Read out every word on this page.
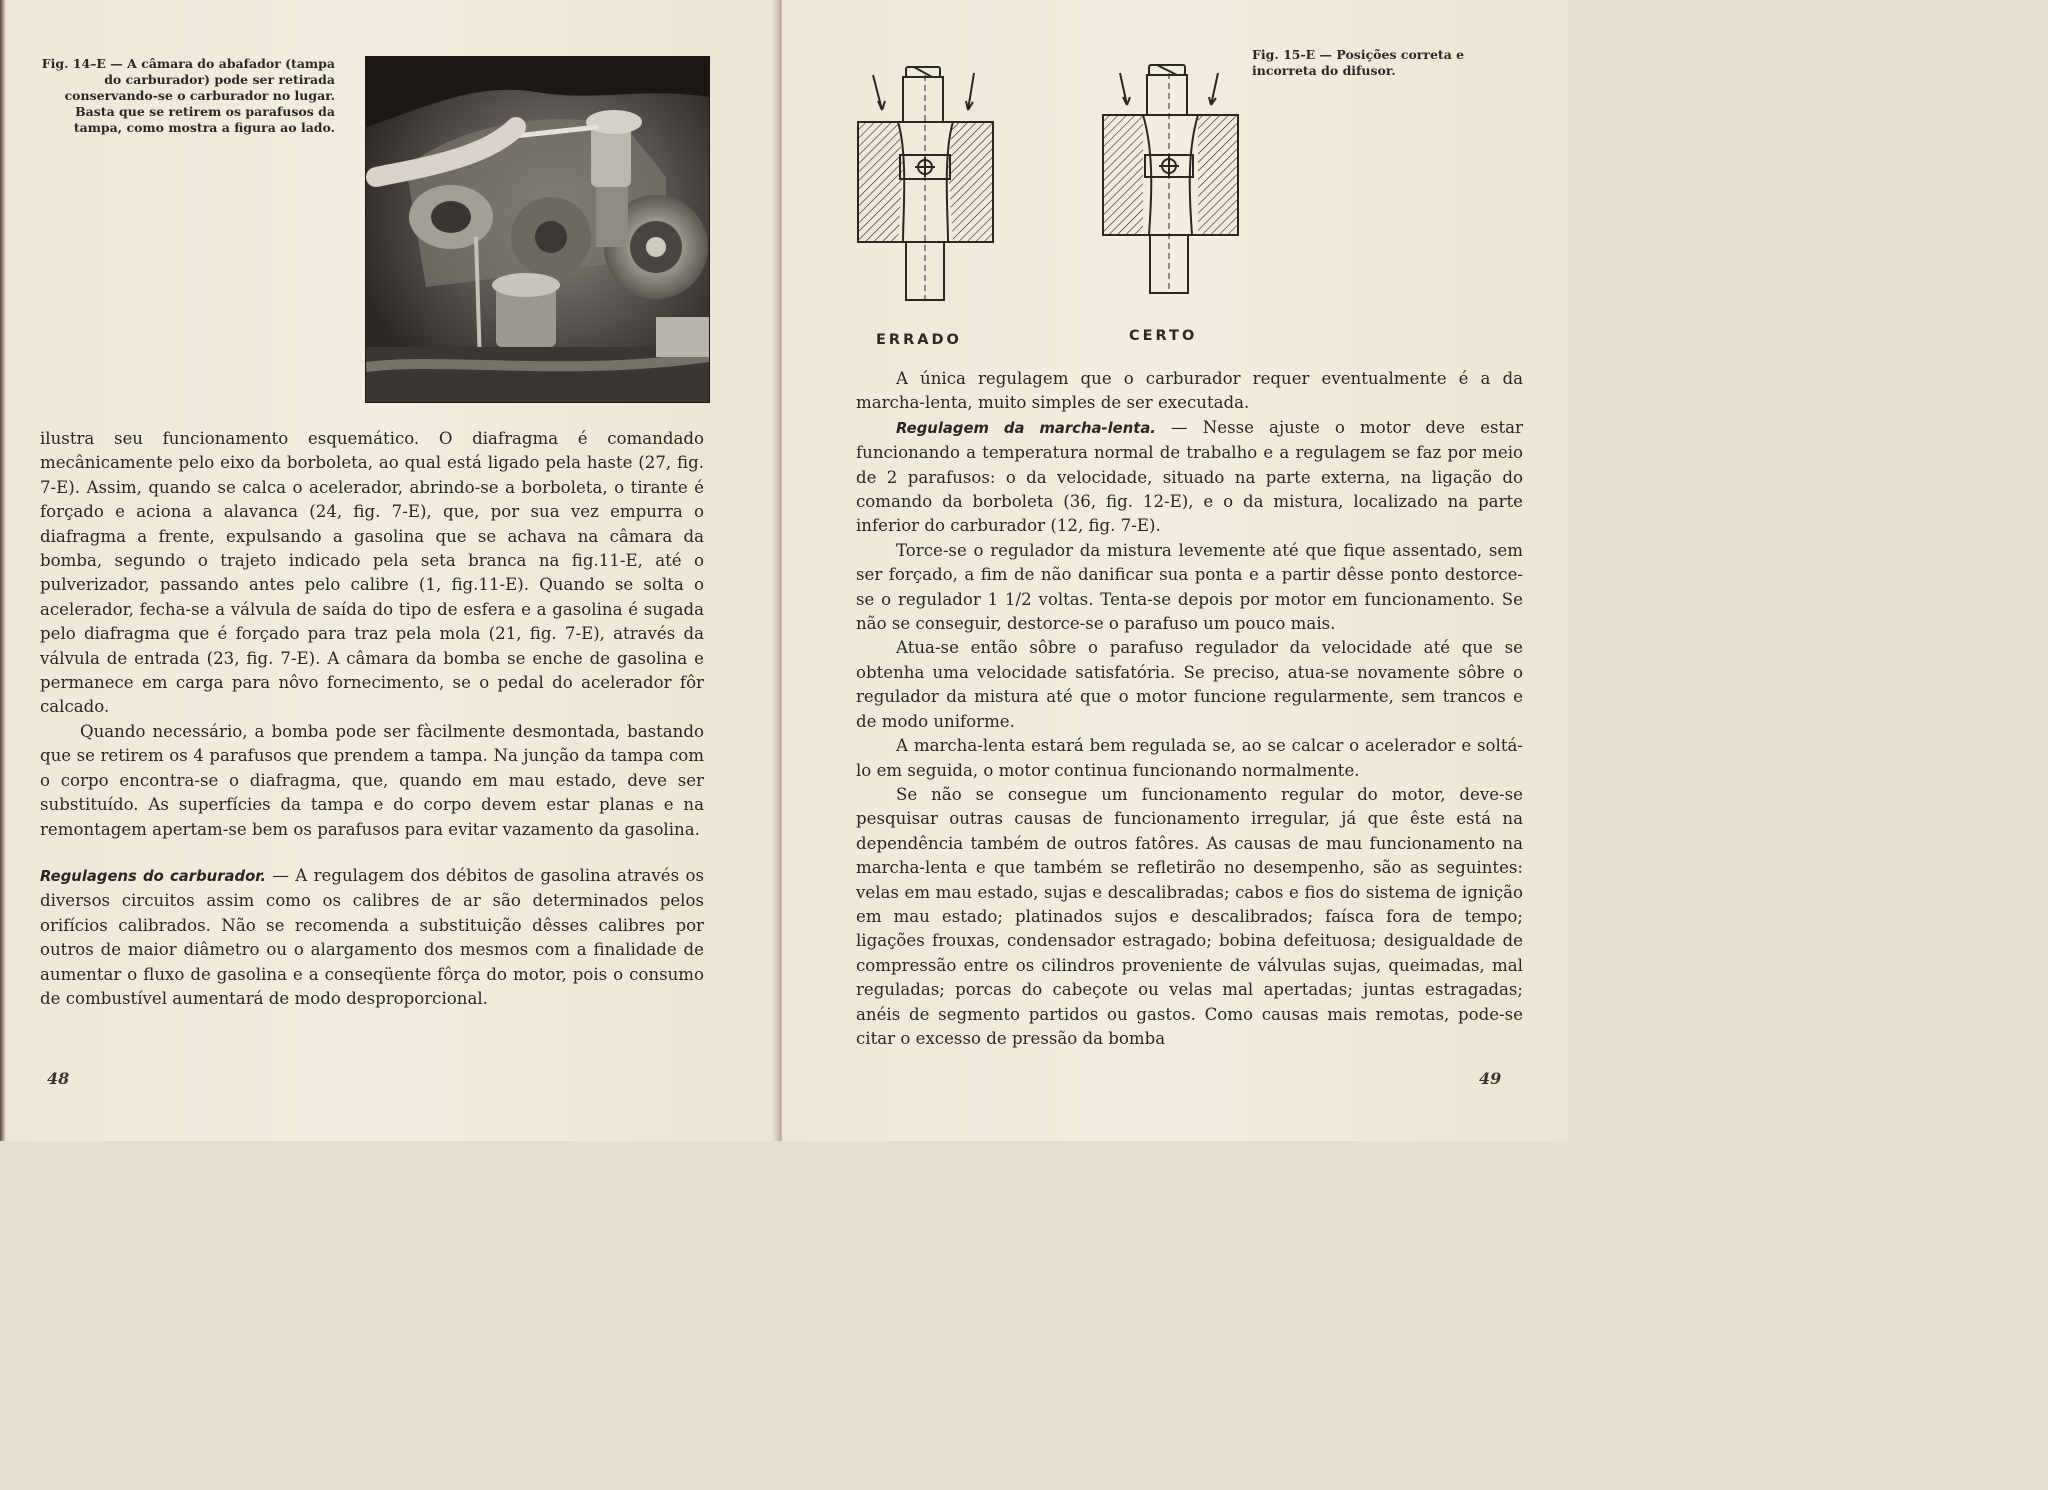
Fig. 14–E — A câmara do abafador (tampa do carburador) pode ser retirada conservando-se o carburador no lugar. Basta que se retirem os parafusos da tampa, como mostra a figura ao lado.

ilustra seu funcionamento esquemático. O diafragma é comandado mecânicamente pelo eixo da borboleta, ao qual está ligado pela haste (27, fig. 7-E). Assim, quando se calca o acelerador, abrindo-se a borboleta, o tirante é forçado e aciona a alavanca (24, fig. 7-E), que, por sua vez empurra o diafragma a frente, expulsando a gasolina que se achava na câmara da bomba, segundo o trajeto indicado pela seta branca na fig.11-E, até o pulverizador, passando antes pelo calibre (1, fig.11-E). Quando se solta o acelerador, fecha-se a válvula de saída do tipo de esfera e a gasolina é sugada pelo diafragma que é forçado para traz pela mola (21, fig. 7-E), através da válvula de entrada (23, fig. 7-E). A câmara da bomba se enche de gasolina e permanece em carga para nôvo fornecimento, se o pedal do acelerador fôr calcado.

Quando necessário, a bomba pode ser fàcilmente desmontada, bastando que se retirem os 4 parafusos que prendem a tampa. Na junção da tampa com o corpo encontra-se o diafragma, que, quando em mau estado, deve ser substituído. As superfícies da tampa e do corpo devem estar planas e na remontagem apertam-se bem os parafusos para evitar vazamento da gasolina.

Regulagens do carburador. — A regulagem dos débitos de gasolina através os diversos circuitos assim como os calibres de ar são determinados pelos orifícios calibrados. Não se recomenda a substituição dêsses calibres por outros de maior diâmetro ou o alargamento dos mesmos com a finalidade de aumentar o fluxo de gasolina e a conseqüente fôrça do motor, pois o consumo de combustível aumentará de modo desproporcional.

48

ERRADO	CERTO

Fig. 15-E — Posições correta e incorreta do difusor.

A única regulagem que o carburador requer eventualmente é a da marcha-lenta, muito simples de ser executada.

Regulagem da marcha-lenta. — Nesse ajuste o motor deve estar funcionando a temperatura normal de trabalho e a regulagem se faz por meio de 2 parafusos: o da velocidade, situado na parte externa, na ligação do comando da borboleta (36, fig. 12-E), e o da mistura, localizado na parte inferior do carburador (12, fig. 7-E).

Torce-se o regulador da mistura levemente até que fique assentado, sem ser forçado, a fim de não danificar sua ponta e a partir dêsse ponto destorce-se o regulador 1 1/2 voltas. Tenta-se depois por motor em funcionamento. Se não se conseguir, destorce-se o parafuso um pouco mais.

Atua-se então sôbre o parafuso regulador da velocidade até que se obtenha uma velocidade satisfatória. Se preciso, atua-se novamente sôbre o regulador da mistura até que o motor funcione regularmente, sem trancos e de modo uniforme.

A marcha-lenta estará bem regulada se, ao se calcar o acelerador e soltá-lo em seguida, o motor continua funcionando normalmente.

Se não se consegue um funcionamento regular do motor, deve-se pesquisar outras causas de funcionamento irregular, já que êste está na dependência também de outros fatôres. As causas de mau funcionamento na marcha-lenta e que também se refletirão no desempenho, são as seguintes: velas em mau estado, sujas e descalibradas; cabos e fios do sistema de ignição em mau estado; platinados sujos e descalibrados; faísca fora de tempo; ligações frouxas, condensador estragado; bobina defeituosa; desigualdade de compressão entre os cilindros proveniente de válvulas sujas, queimadas, mal reguladas; porcas do cabeçote ou velas mal apertadas; juntas estragadas; anéis de segmento partidos ou gastos. Como causas mais remotas, pode-se citar o excesso de pressão da bomba

49
